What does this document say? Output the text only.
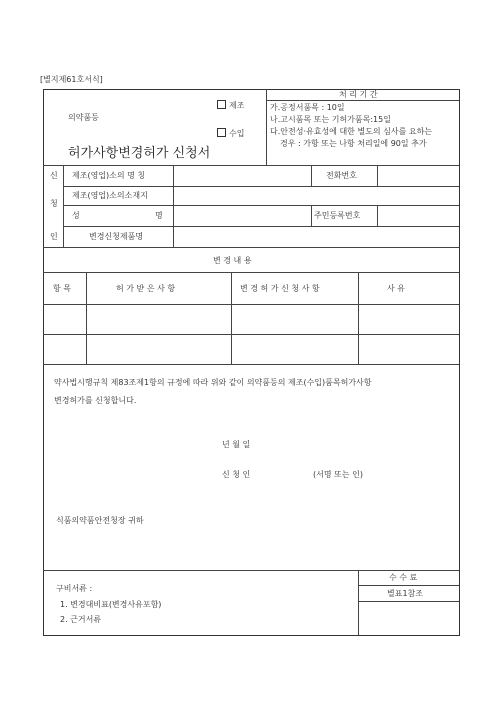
[별지제61호서식]
의약품등
제조
수입
허가사항변경허가 신청서
처 리 기 간
가.공정서품목 : 10일
나.고시품목 또는 기허가품목:15일
다.안전성·유효성에 대한 별도의 심사를 요하는
경우 : 가항 또는 나항 처리일에 90일 추가
신
청
인
제조(영업)소의 명 칭	전화번호
제조(영업)소의소재지
성	명	주민등록번호
변경신청제품명
변 경 내 용
항 목	허 가 받 은 사 항	변 경 허 가 신 청 사 항	사 유
약사법시행규칙 제83조제1항의 규정에 따라 위와 같이 의약품등의 제조(수입)품목허가사항
변경허가를 신청합니다.
년 월 일
신 청 인	(서명 또는 인)
식품의약품안전청장 귀하
수 수 료
별표1참조
구비서류 :
1. 변경대비표(변경사유포함)
2. 근거서류
